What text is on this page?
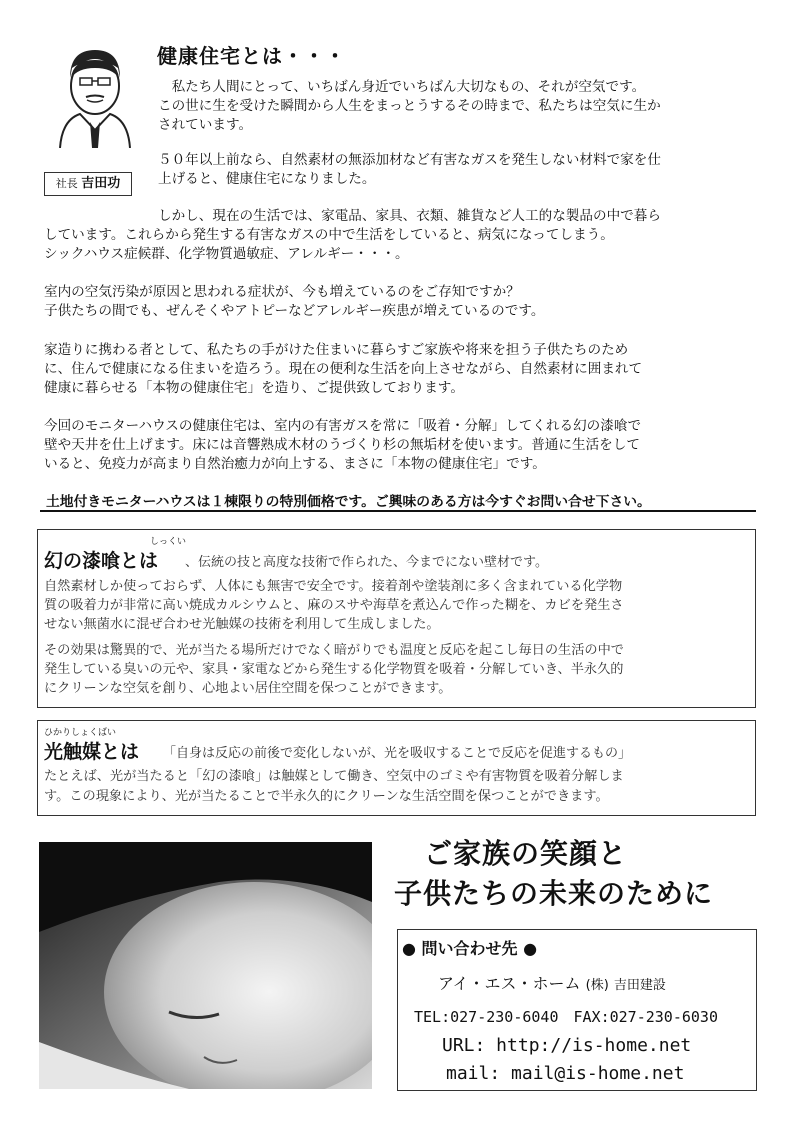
社長 吉田功
健康住宅とは・・・
　私たち人間にとって、いちばん身近でいちばん大切なもの、それが空気です。
この世に生を受けた瞬間から人生をまっとうするその時まで、私たちは空気に生か
されています。
５０年以上前なら、自然素材の無添加材など有害なガスを発生しない材料で家を仕
上げると、健康住宅になりました。
しかし、現在の生活では、家電品、家具、衣類、雑貨など人工的な製品の中で暮ら
しています。これらから発生する有害なガスの中で生活をしていると、病気になってしまう。
シックハウス症候群、化学物質過敏症、アレルギー・・・。
室内の空気汚染が原因と思われる症状が、今も増えているのをご存知ですか？
子供たちの間でも、ぜんそくやアトピーなどアレルギー疾患が増えているのです。
家造りに携わる者として、私たちの手がけた住まいに暮らすご家族や将来を担う子供たちのため
に、住んで健康になる住まいを造ろう。現在の便利な生活を向上させながら、自然素材に囲まれて
健康に暮らせる「本物の健康住宅」を造り、ご提供致しております。
今回のモニターハウスの健康住宅は、室内の有害ガスを常に「吸着・分解」してくれる幻の漆喰で
壁や天井を仕上げます。床には音響熟成木材のうづくり杉の無垢材を使います。普通に生活をして
いると、免疫力が高まり自然治癒力が向上する、まさに「本物の健康住宅」です。
土地付きモニターハウスは１棟限りの特別価格です。ご興味のある方は今すぐお問い合せ下さい。
しっくい
幻の漆喰とは 、伝統の技と高度な技術で作られた、今までにない壁材です。
自然素材しか使っておらず、人体にも無害で安全です。接着剤や塗装剤に多く含まれている化学物
質の吸着力が非常に高い焼成カルシウムと、麻のスサや海草を煮込んで作った糊を、カビを発生さ
せない無菌水に混ぜ合わせ光触媒の技術を利用して生成しました。
その効果は驚異的で、光が当たる場所だけでなく暗がりでも温度と反応を起こし毎日の生活の中で
発生している臭いの元や、家具・家電などから発生する化学物質を吸着・分解していき、半永久的
にクリーンな空気を創り、心地よい居住空間を保つことができます。
ひかりしょくばい
光触媒とは 「自身は反応の前後で変化しないが、光を吸収することで反応を促進するもの」
たとえば、光が当たると「幻の漆喰」は触媒として働き、空気中のゴミや有害物質を吸着分解しま
す。この現象により、光が当たることで半永久的にクリーンな生活空間を保つことができます。
ご家族の笑顔と
子供たちの未来のために
● 問い合わせ先 ●
アイ・エス・ホーム (株) 吉田建設
TEL:027-230-6040　FAX:027-230-6030
URL: http://is-home.net
mail: mail@is-home.net
